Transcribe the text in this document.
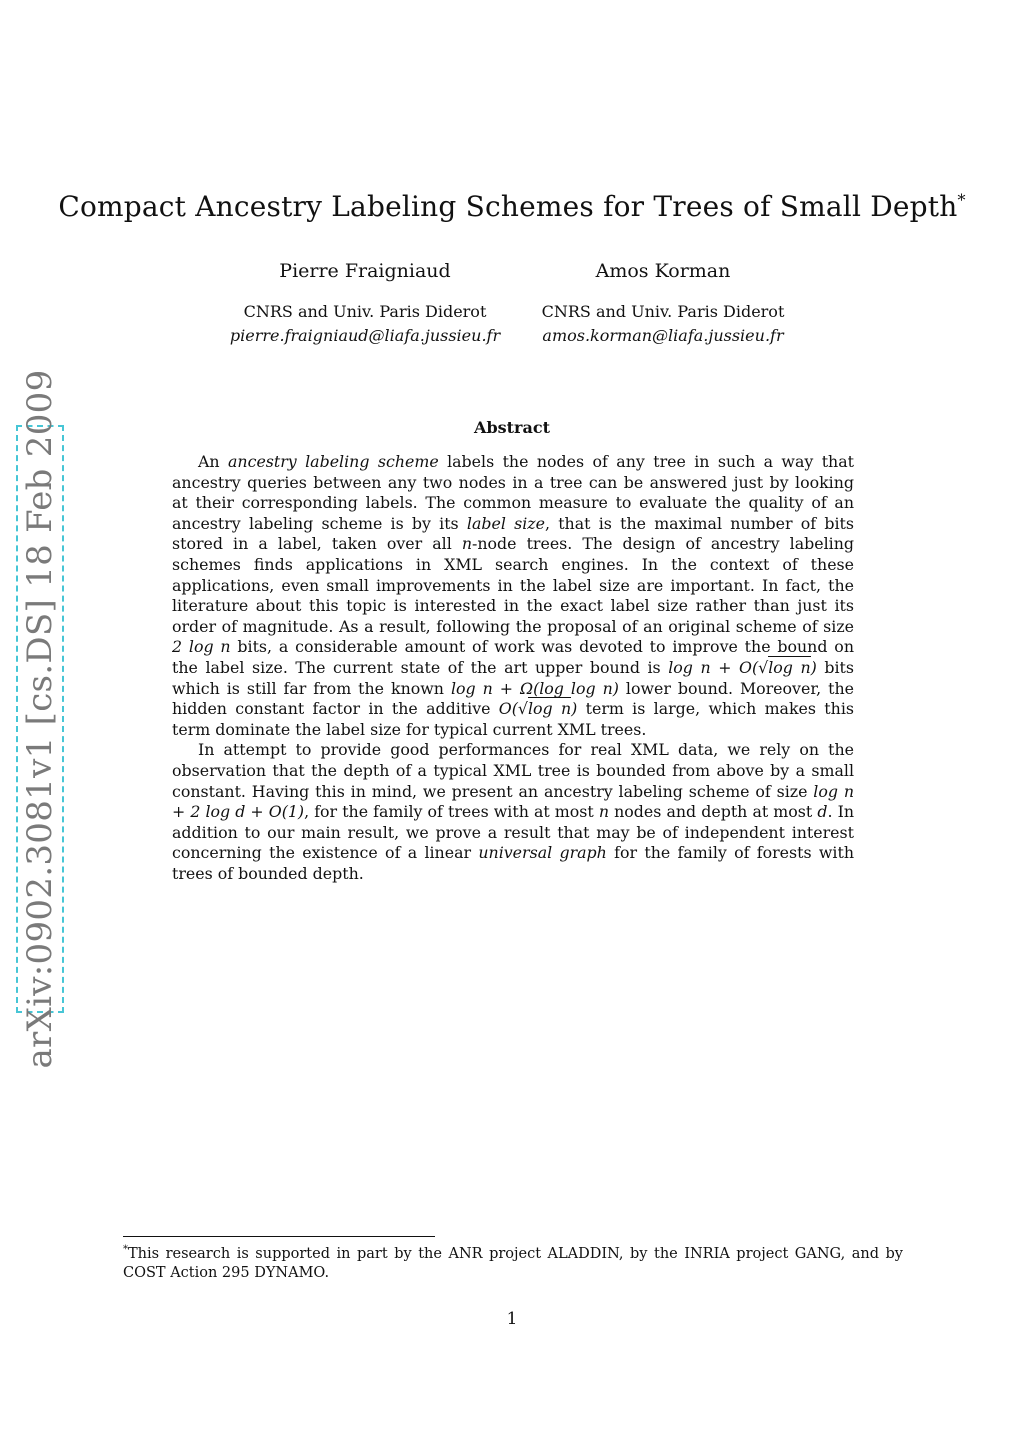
Compact Ancestry Labeling Schemes for Trees of Small Depth*
Pierre Fraigniaud
CNRS and Univ. Paris Diderot
pierre.fraigniaud@liafa.jussieu.fr
Amos Korman
CNRS and Univ. Paris Diderot
amos.korman@liafa.jussieu.fr
Abstract

An ancestry labeling scheme labels the nodes of any tree in such a way that ancestry queries between any two nodes in a tree can be answered just by looking at their corresponding labels. The common measure to evaluate the quality of an ancestry labeling scheme is by its label size, that is the maximal number of bits stored in a label, taken over all n-node trees. The design of ancestry labeling schemes finds applications in XML search engines. In the context of these applications, even small improvements in the label size are important. In fact, the literature about this topic is interested in the exact label size rather than just its order of magnitude. As a result, following the proposal of an original scheme of size 2 log n bits, a considerable amount of work was devoted to improve the bound on the label size. The current state of the art upper bound is log n + O(√log n) bits which is still far from the known log n + Ω(log log n) lower bound. Moreover, the hidden constant factor in the additive O(√log n) term is large, which makes this term dominate the label size for typical current XML trees.

In attempt to provide good performances for real XML data, we rely on the observation that the depth of a typical XML tree is bounded from above by a small constant. Having this in mind, we present an ancestry labeling scheme of size log n + 2 log d + O(1), for the family of trees with at most n nodes and depth at most d. In addition to our main result, we prove a result that may be of independent interest concerning the existence of a linear universal graph for the family of forests with trees of bounded depth.

arXiv:0902.3081v1 [cs.DS] 18 Feb 2009
*This research is supported in part by the ANR project ALADDIN, by the INRIA project GANG, and by COST Action 295 DYNAMO.
1
